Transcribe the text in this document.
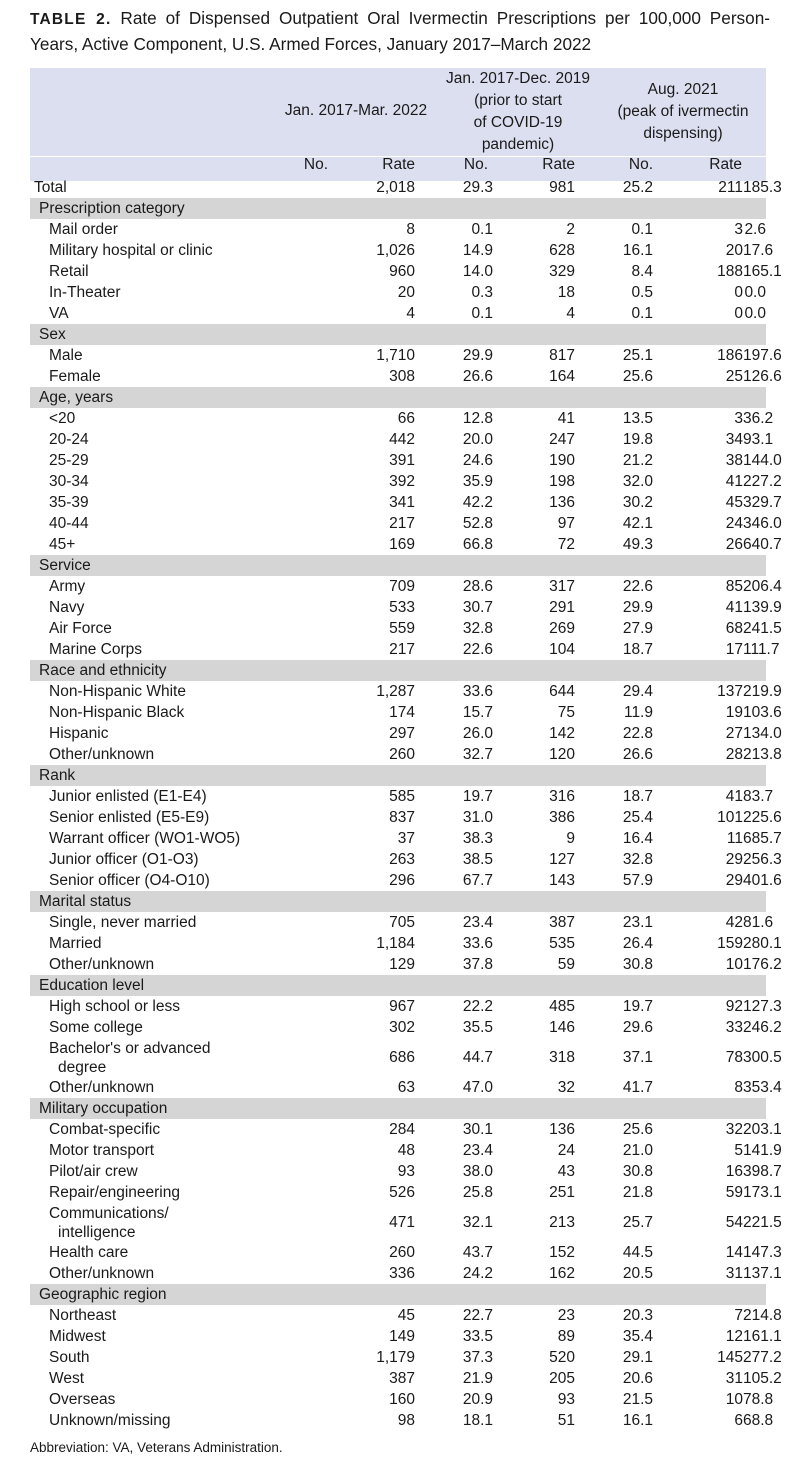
TABLE 2. Rate of Dispensed Outpatient Oral Ivermectin Prescriptions per 100,000 Person-Years, Active Component, U.S. Armed Forces, January 2017–March 2022
Jan. 2017-Mar. 2022
Jan. 2017-Dec. 2019
(prior to start
of COVID-19
pandemic)
Aug. 2021
(peak of ivermectin
dispensing)
No.	Rate	No.	Rate	No.	Rate
Total		2,018	29.3	981	25.2	211	185.3
Prescription category							
Mail order		8	0.1	2	0.1	3	2.6
Military hospital or clinic		1,026	14.9	628	16.1	20	17.6
Retail		960	14.0	329	8.4	188	165.1
In-Theater		20	0.3	18	0.5	0	0.0
VA		4	0.1	4	0.1	0	0.0
Sex							
Male		1,710	29.9	817	25.1	186	197.6
Female		308	26.6	164	25.6	25	126.6
Age, years							
<20		66	12.8	41	13.5	3	36.2
20-24		442	20.0	247	19.8	34	93.1
25-29		391	24.6	190	21.2	38	144.0
30-34		392	35.9	198	32.0	41	227.2
35-39		341	42.2	136	30.2	45	329.7
40-44		217	52.8	97	42.1	24	346.0
45+		169	66.8	72	49.3	26	640.7
Service							
Army		709	28.6	317	22.6	85	206.4
Navy		533	30.7	291	29.9	41	139.9
Air Force		559	32.8	269	27.9	68	241.5
Marine Corps		217	22.6	104	18.7	17	111.7
Race and ethnicity							
Non-Hispanic White		1,287	33.6	644	29.4	137	219.9
Non-Hispanic Black		174	15.7	75	11.9	19	103.6
Hispanic		297	26.0	142	22.8	27	134.0
Other/unknown		260	32.7	120	26.6	28	213.8
Rank							
Junior enlisted (E1-E4)		585	19.7	316	18.7	41	83.7
Senior enlisted (E5-E9)		837	31.0	386	25.4	101	225.6
Warrant officer (WO1-WO5)		37	38.3	9	16.4	11	685.7
Junior officer (O1-O3)		263	38.5	127	32.8	29	256.3
Senior officer (O4-O10)		296	67.7	143	57.9	29	401.6
Marital status							
Single, never married		705	23.4	387	23.1	42	81.6
Married		1,184	33.6	535	26.4	159	280.1
Other/unknown		129	37.8	59	30.8	10	176.2
Education level							
High school or less		967	22.2	485	19.7	92	127.3
Some college		302	35.5	146	29.6	33	246.2

Bachelor's or advanced
degree		686	44.7	318	37.1	78	300.5
Other/unknown		63	47.0	32	41.7	8	353.4
Military occupation							
Combat-specific		284	30.1	136	25.6	32	203.1
Motor transport		48	23.4	24	21.0	5	141.9
Pilot/air crew		93	38.0	43	30.8	16	398.7
Repair/engineering		526	25.8	251	21.8	59	173.1

Communications/
intelligence		471	32.1	213	25.7	54	221.5
Health care		260	43.7	152	44.5	14	147.3
Other/unknown		336	24.2	162	20.5	31	137.1
Geographic region							
Northeast		45	22.7	23	20.3	7	214.8
Midwest		149	33.5	89	35.4	12	161.1
South		1,179	37.3	520	29.1	145	277.2
West		387	21.9	205	20.6	31	105.2
Overseas		160	20.9	93	21.5	10	78.8
Unknown/missing		98	18.1	51	16.1	6	68.8
Abbreviation: VA, Veterans Administration.
